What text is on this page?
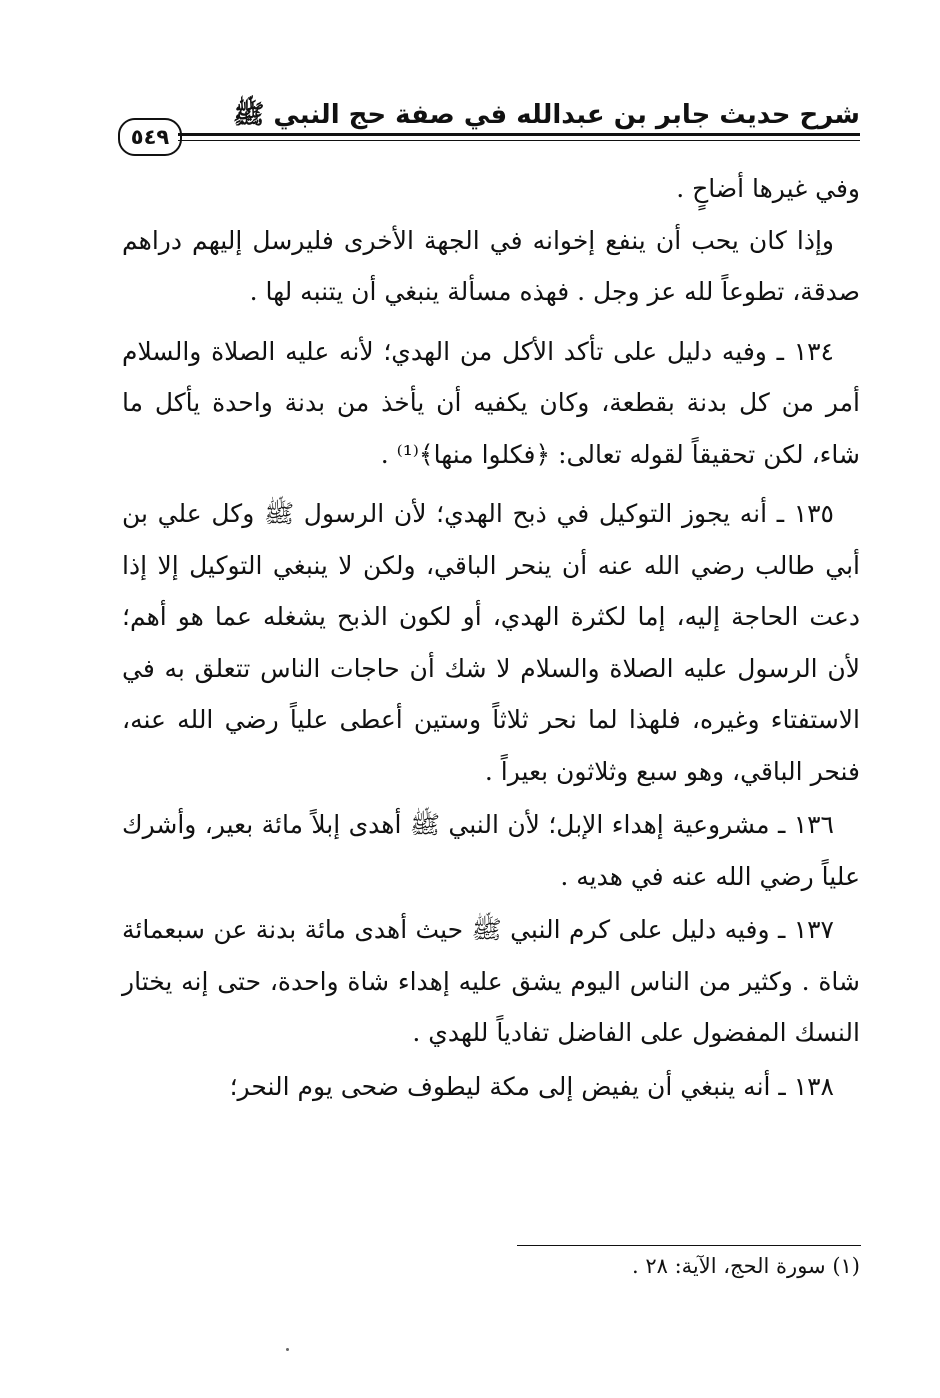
شرح حديث جابر بن عبدالله في صفة حج النبي ﷺ
٥٤٩

وفي غيرها أضاحٍ .

وإذا كان يحب أن ينفع إخوانه في الجهة الأخرى فليرسل إليهم دراهم صدقة، تطوعاً لله عز وجل . فهذه مسألة ينبغي أن يتنبه لها .

١٣٤ ـ وفيه دليل على تأكد الأكل من الهدي؛ لأنه عليه الصلاة والسلام أمر من كل بدنة بقطعة، وكان يكفيه أن يأخذ من بدنة واحدة يأكل ما شاء، لكن تحقيقاً لقوله تعالى: ﴿فكلوا منها﴾⁽¹⁾ .

١٣٥ ـ أنه يجوز التوكيل في ذبح الهدي؛ لأن الرسول ﷺ وكل علي بن أبي طالب رضي الله عنه أن ينحر الباقي، ولكن لا ينبغي التوكيل إلا إذا دعت الحاجة إليه، إما لكثرة الهدي، أو لكون الذبح يشغله عما هو أهم؛ لأن الرسول عليه الصلاة والسلام لا شك أن حاجات الناس تتعلق به في الاستفتاء وغيره، فلهذا لما نحر ثلاثاً وستين أعطى علياً رضي الله عنه، فنحر الباقي، وهو سبع وثلاثون بعيراً .

١٣٦ ـ مشروعية إهداء الإبل؛ لأن النبي ﷺ أهدى إبلاً مائة بعير، وأشرك علياً رضي الله عنه في هديه .

١٣٧ ـ وفيه دليل على كرم النبي ﷺ حيث أهدى مائة بدنة عن سبعمائة شاة . وكثير من الناس اليوم يشق عليه إهداء شاة واحدة، حتى إنه يختار النسك المفضول على الفاضل تفادياً للهدي .

١٣٨ ـ أنه ينبغي أن يفيض إلى مكة ليطوف ضحى يوم النحر؛

(١) سورة الحج، الآية: ٢٨ .
